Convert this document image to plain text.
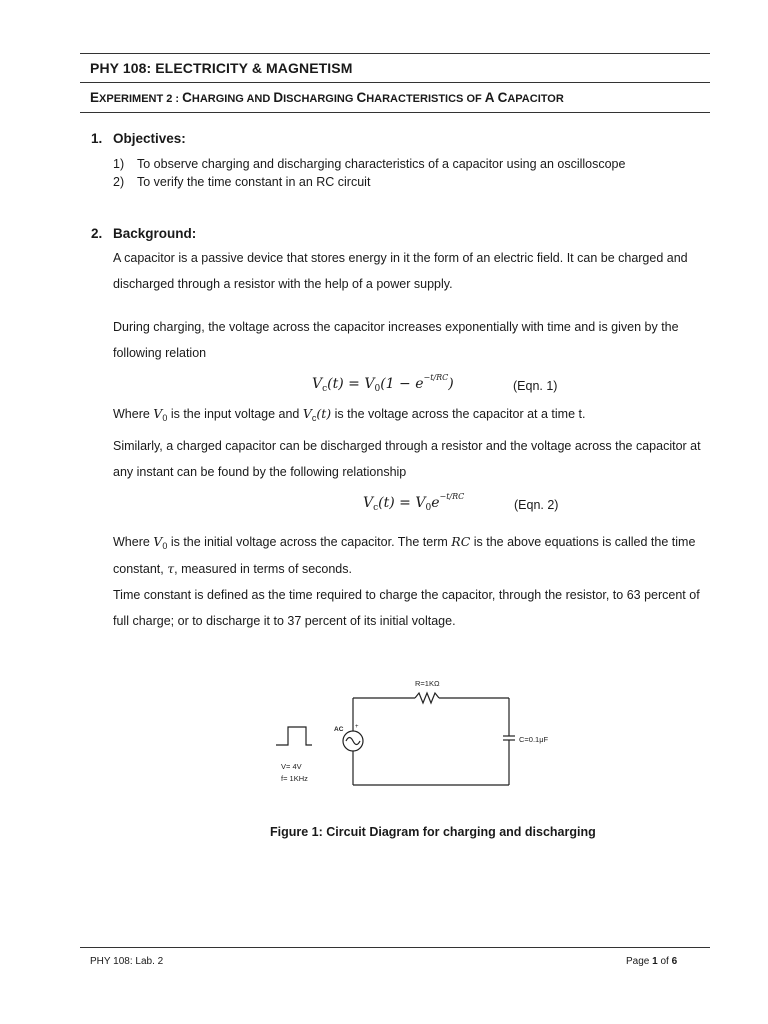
PHY 108: ELECTRICITY & MAGNETISM
EXPERIMENT 2 : CHARGING AND DISCHARGING CHARACTERISTICS OF A CAPACITOR
1. Objectives:
1) To observe charging and discharging characteristics of a capacitor using an oscilloscope
2) To verify the time constant in an RC circuit
2. Background:
A capacitor is a passive device that stores energy in it the form of an electric field. It can be charged and discharged through a resistor with the help of a power supply.
During charging, the voltage across the capacitor increases exponentially with time and is given by the following relation
$V_c(t) = V_0(1 - e^{-t/RC})$	(Eqn. 1)
Where $V_0$ is the input voltage and $V_c(t)$ is the voltage across the capacitor at a time t.
Similarly, a charged capacitor can be discharged through a resistor and the voltage across the capacitor at any instant can be found by the following relationship
$V_c(t) = V_0e^{-t/RC}$
(Eqn. 2)
Where $V_0$ is the initial voltage across the capacitor. The term RC is the above equations is called the time constant, τ, measured in terms of seconds.
Time constant is defined as the time required to charge the capacitor, through the resistor, to 63 percent of full charge; or to discharge it to 37 percent of its initial voltage.
R=1KΩ
C=0.1μF
AC +
V= 4V
f= 1KHz
Figure 1: Circuit Diagram for charging and discharging
PHY 108: Lab. 2	Page 1 of 6
